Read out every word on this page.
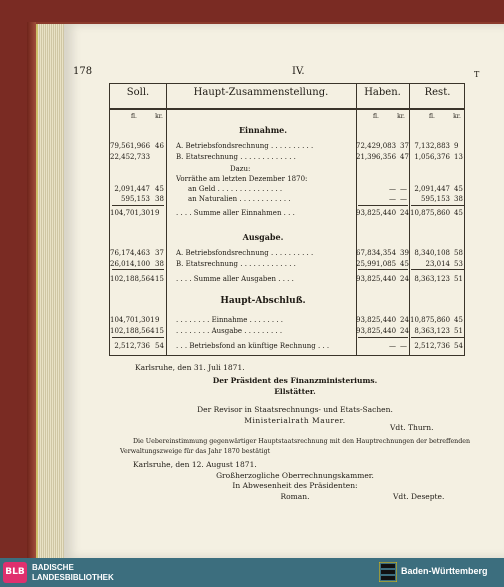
178	IV.	T
Soll.	Haupt-Zusammenstellung.	Haben.	Rest.
fl.	kr.	fl.	kr.	fl.	kr.
Einnahme.
Ausgabe.
Haupt-Abschluß.
79,561,966 46 A. Betriebsfondsrechnung . . . . . . . . . .	72,429,083 37 7,132,883 9
22,452,733	B. Etatsrechnung . . . . . . . . . . . . .	21,396,356 47 1,056,376 13
Dazu:
Vorräthe am letzten Dezember 1870:
2,091,447 45	an Geld . . . . . . . . . . . . . . .	— —	2,091,447 45
595,153 38	an Naturalien . . . . . . . . . . . .	— —	595,153 38
104,701,301 9	. . . . Summe aller Einnahmen . . .	93,825,440 24 10,875,860 45
76,174,463 37 A. Betriebsfondsrechnung . . . . . . . . . .	67,834,354 39 8,340,108 58
26,014,100 38 B. Etatsrechnung . . . . . . . . . . . . .	25,991,085 45	23,014 53
102,188,564 15 . . . . Summe aller Ausgaben . . . .	93,825,440 24 8,363,123 51
104,701,301 9	. . . . . . . . Einnahme . . . . . . . .	93,825,440 24 10,875,860 45
102,188,564 15 . . . . . . . . Ausgabe . . . . . . . . .	93,825,440 24 8,363,123 51
2,512,736 54 . . . Betriebsfond an künftige Rechnung . . .	— —	2,512,736 54
Karlsruhe, den 31. Juli 1871.
Der Präsident des Finanzministeriums.
Ellstätter.
Der Revisor in Staatsrechnungs- und Etats-Sachen.
Ministerialrath Maurer.
Vdt. Thurn.
Die Uebereinstimmung gegenwärtiger Hauptstaatsrechnung mit den Hauptrechnungen der betreffenden
Verwaltungszweige für das Jahr 1870 bestätigt
Karlsruhe, den 12. August 1871.
Großherzogliche Oberrechnungskammer.
In Abwesenheit des Präsidenten:
Roman.	Vdt. Desepte.
BLB BADISCHE
LANDESBIBLIOTHEK
Baden-Württemberg
